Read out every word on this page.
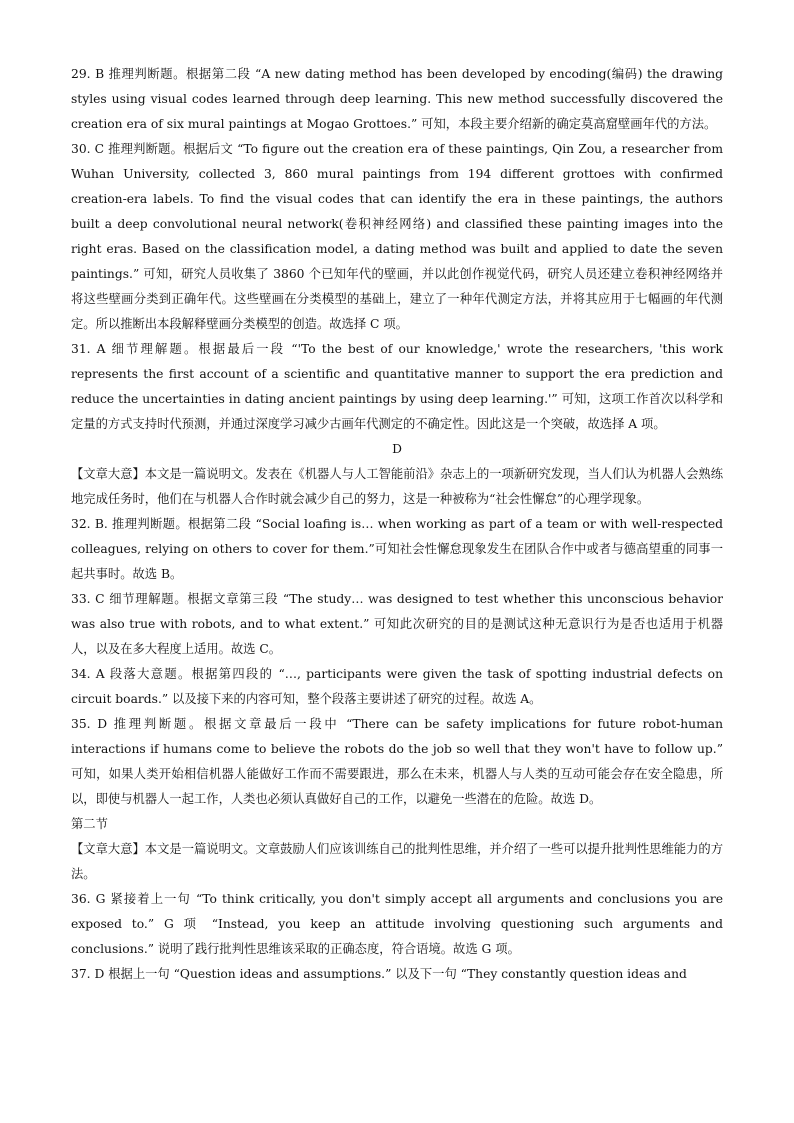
29. B 推理判断题。根据第二段 “A new dating method has been developed by encoding(编码) the drawing styles using visual codes learned through deep learning. This new method successfully discovered the creation era of six mural paintings at Mogao Grottoes.” 可知，本段主要介绍新的确定莫高窟壁画年代的方法。

30. C 推理判断题。根据后文 “To figure out the creation era of these paintings, Qin Zou, a researcher from Wuhan University, collected 3, 860 mural paintings from 194 different grottoes with confirmed creation-era labels. To find the visual codes that can identify the era in these paintings, the authors built a deep convolutional neural network(卷积神经网络) and classified these painting images into the right eras. Based on the classification model, a dating method was built and applied to date the seven paintings.” 可知，研究人员收集了 3860 个已知年代的壁画，并以此创作视觉代码，研究人员还建立卷积神经网络并将这些壁画分类到正确年代。这些壁画在分类模型的基础上，建立了一种年代测定方法，并将其应用于七幅画的年代测定。所以推断出本段解释壁画分类模型的创造。故选择 C 项。

31. A 细节理解题。根据最后一段 “'To the best of our knowledge,' wrote the researchers, 'this work represents the first account of a scientific and quantitative manner to support the era prediction and reduce the uncertainties in dating ancient paintings by using deep learning.'” 可知，这项工作首次以科学和定量的方式支持时代预测，并通过深度学习减少古画年代测定的不确定性。因此这是一个突破，故选择 A 项。

D

【文章大意】本文是一篇说明文。发表在《机器人与人工智能前沿》杂志上的一项新研究发现，当人们认为机器人会熟练地完成任务时，他们在与机器人合作时就会减少自己的努力，这是一种被称为“社会性懈怠”的心理学现象。

32. B. 推理判断题。根据第二段 “Social loafing is… when working as part of a team or with well-respected colleagues, relying on others to cover for them.”可知社会性懈怠现象发生在团队合作中或者与德高望重的同事一起共事时。故选 B。

33. C 细节理解题。根据文章第三段 “The study… was designed to test whether this unconscious behavior was also true with robots, and to what extent.” 可知此次研究的目的是测试这种无意识行为是否也适用于机器人，以及在多大程度上适用。故选 C。

34. A 段落大意题。根据第四段的 “…, participants were given the task of spotting industrial defects on circuit boards.” 以及接下来的内容可知，整个段落主要讲述了研究的过程。故选 A。

35. D 推理判断题。根据文章最后一段中 “There can be safety implications for future robot-human interactions if humans come to believe the robots do the job so well that they won't have to follow up.” 可知，如果人类开始相信机器人能做好工作而不需要跟进，那么在未来，机器人与人类的互动可能会存在安全隐患，所以，即使与机器人一起工作，人类也必须认真做好自己的工作，以避免一些潜在的危险。故选 D。

第二节

【文章大意】本文是一篇说明文。文章鼓励人们应该训练自己的批判性思维，并介绍了一些可以提升批判性思维能力的方法。

36. G 紧接着上一句 “To think critically, you don't simply accept all arguments and conclusions you are exposed to.” G 项 “Instead, you keep an attitude involving questioning such arguments and conclusions.” 说明了践行批判性思维该采取的正确态度，符合语境。故选 G 项。

37. D 根据上一句 “Question ideas and assumptions.” 以及下一句 “They constantly question ideas and
